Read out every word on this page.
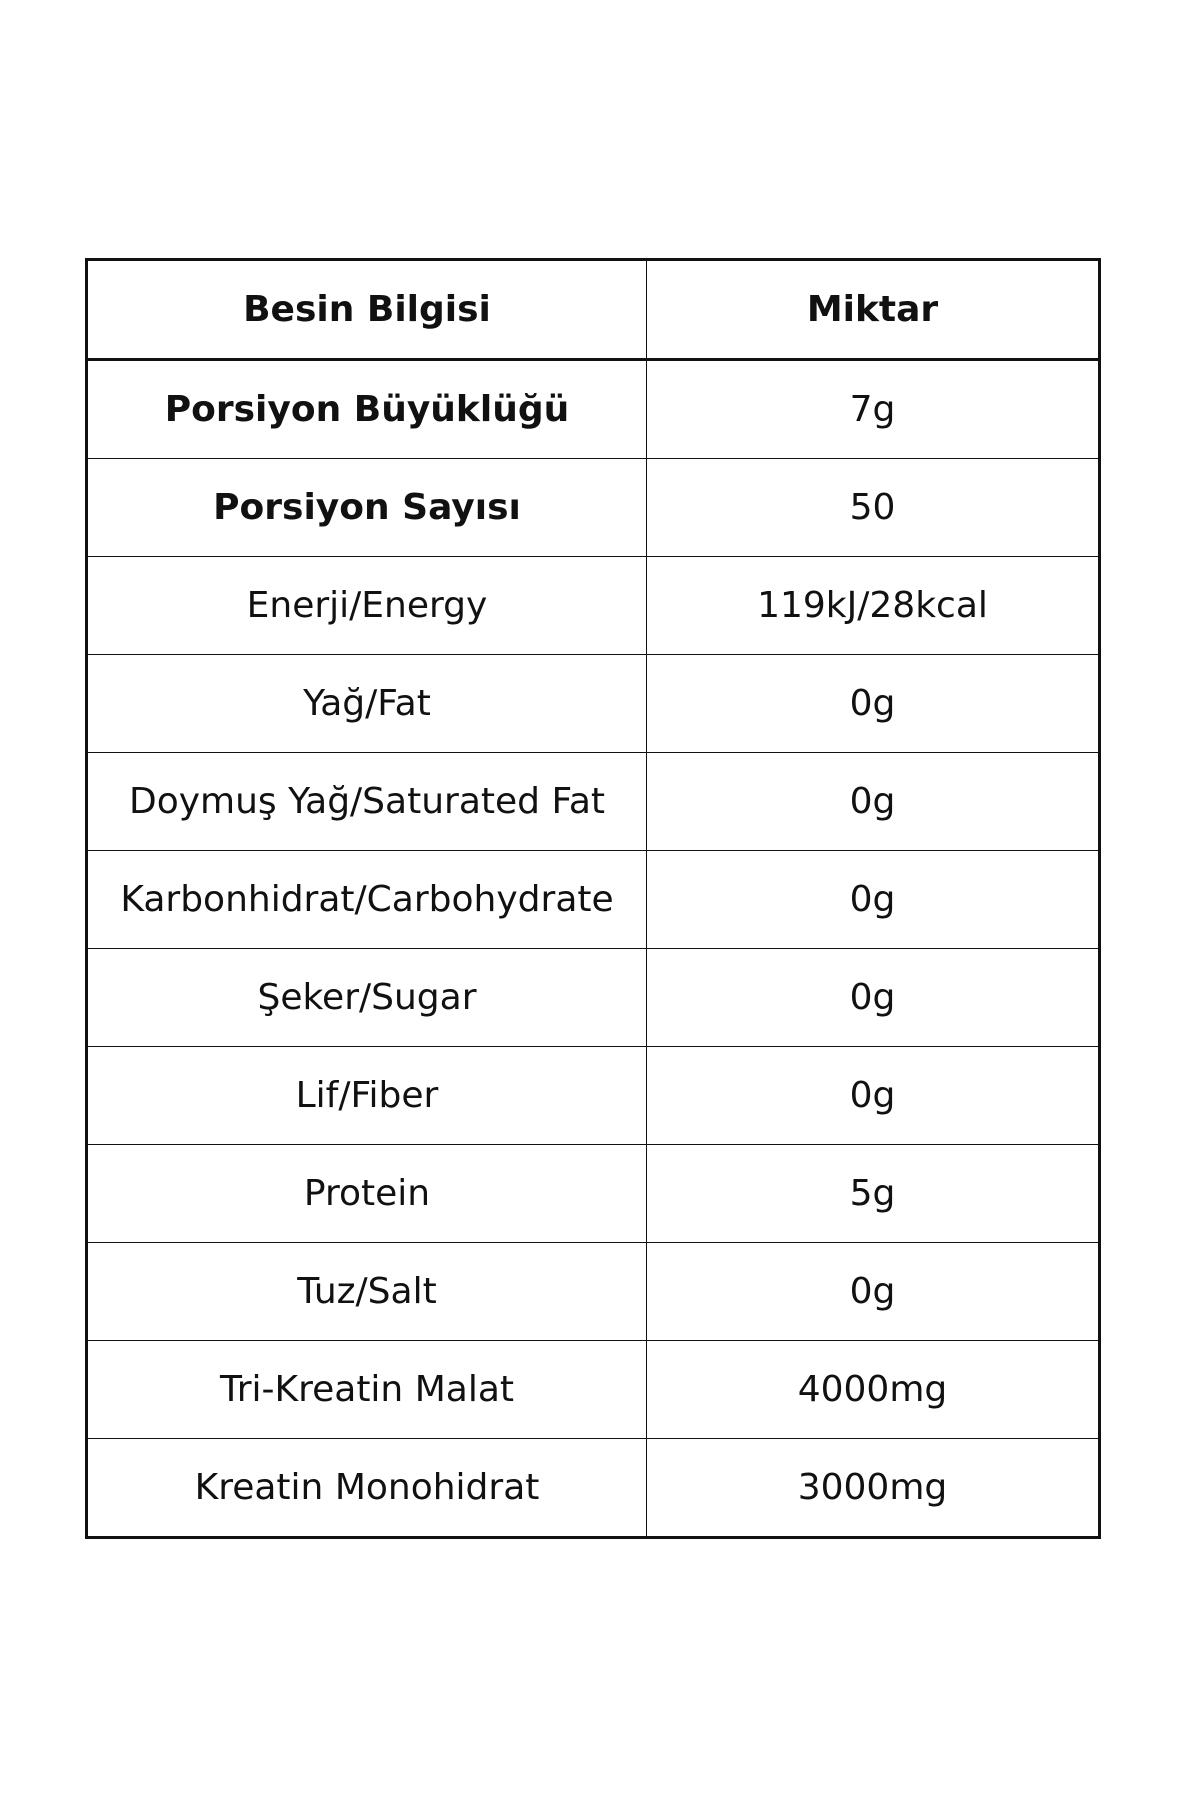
Besin Bilgisi	Miktar
Porsiyon Büyüklüğü	7g
Porsiyon Sayısı	50
Enerji/Energy	119kJ/28kcal
Yağ/Fat	0g
Doymuş Yağ/Saturated Fat	0g
Karbonhidrat/Carbohydrate	0g
Şeker/Sugar	0g
Lif/Fiber	0g
Protein	5g
Tuz/Salt	0g
Tri-Kreatin Malat	4000mg
Kreatin Monohidrat	3000mg
